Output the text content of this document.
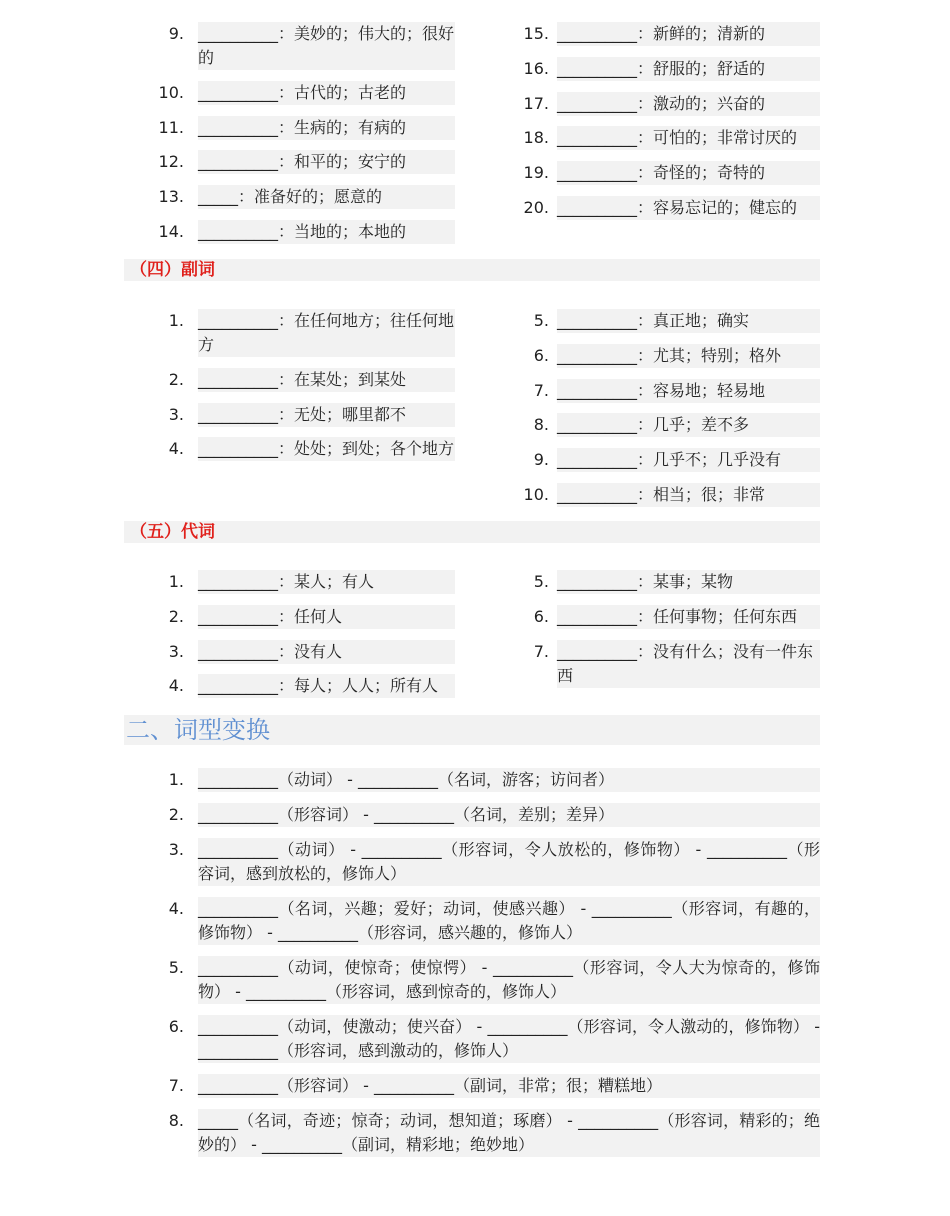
9. __________：美妙的；伟大的；很好的
10. __________：古代的；古老的
11. __________：生病的；有病的
12. __________：和平的；安宁的
13. _____：准备好的；愿意的
14. __________：当地的；本地的
15. __________：新鲜的；清新的
16. __________：舒服的；舒适的
17. __________：激动的；兴奋的
18. __________：可怕的；非常讨厌的
19. __________：奇怪的；奇特的
20. __________：容易忘记的；健忘的
（四）副词
1. __________：在任何地方；往任何地方
2. __________：在某处；到某处
3. __________：无处；哪里都不
4. __________：处处；到处；各个地方
5. __________：真正地；确实
6. __________：尤其；特别；格外
7. __________：容易地；轻易地
8. __________：几乎；差不多
9. __________：几乎不；几乎没有
10. __________：相当；很；非常
（五）代词
1. __________：某人；有人
2. __________：任何人
3. __________：没有人
4. __________：每人；人人；所有人
5. __________：某事；某物
6. __________：任何事物；任何东西
7. __________：没有什么；没有一件东西
二、词型变换
1. __________（动词） - __________（名词，游客；访问者）
2. __________（形容词） - __________（名词，差别；差异）
3. __________（动词） - __________（形容词，令人放松的，修饰物） - __________（形容词，感到放松的，修饰人）
4. __________（名词，兴趣；爱好；动词，使感兴趣） - __________（形容词，有趣的，修饰物） - __________（形容词，感兴趣的，修饰人）
5. __________（动词，使惊奇；使惊愕） - __________（形容词，令人大为惊奇的，修饰物） - __________（形容词，感到惊奇的，修饰人）
6. __________（动词，使激动；使兴奋） - __________（形容词，令人激动的，修饰物） - __________（形容词，感到激动的，修饰人）
7. __________（形容词） - __________（副词，非常；很；糟糕地）
8. _____（名词，奇迹；惊奇；动词，想知道；琢磨） - __________（形容词，精彩的；绝妙的） - __________（副词，精彩地；绝妙地）
